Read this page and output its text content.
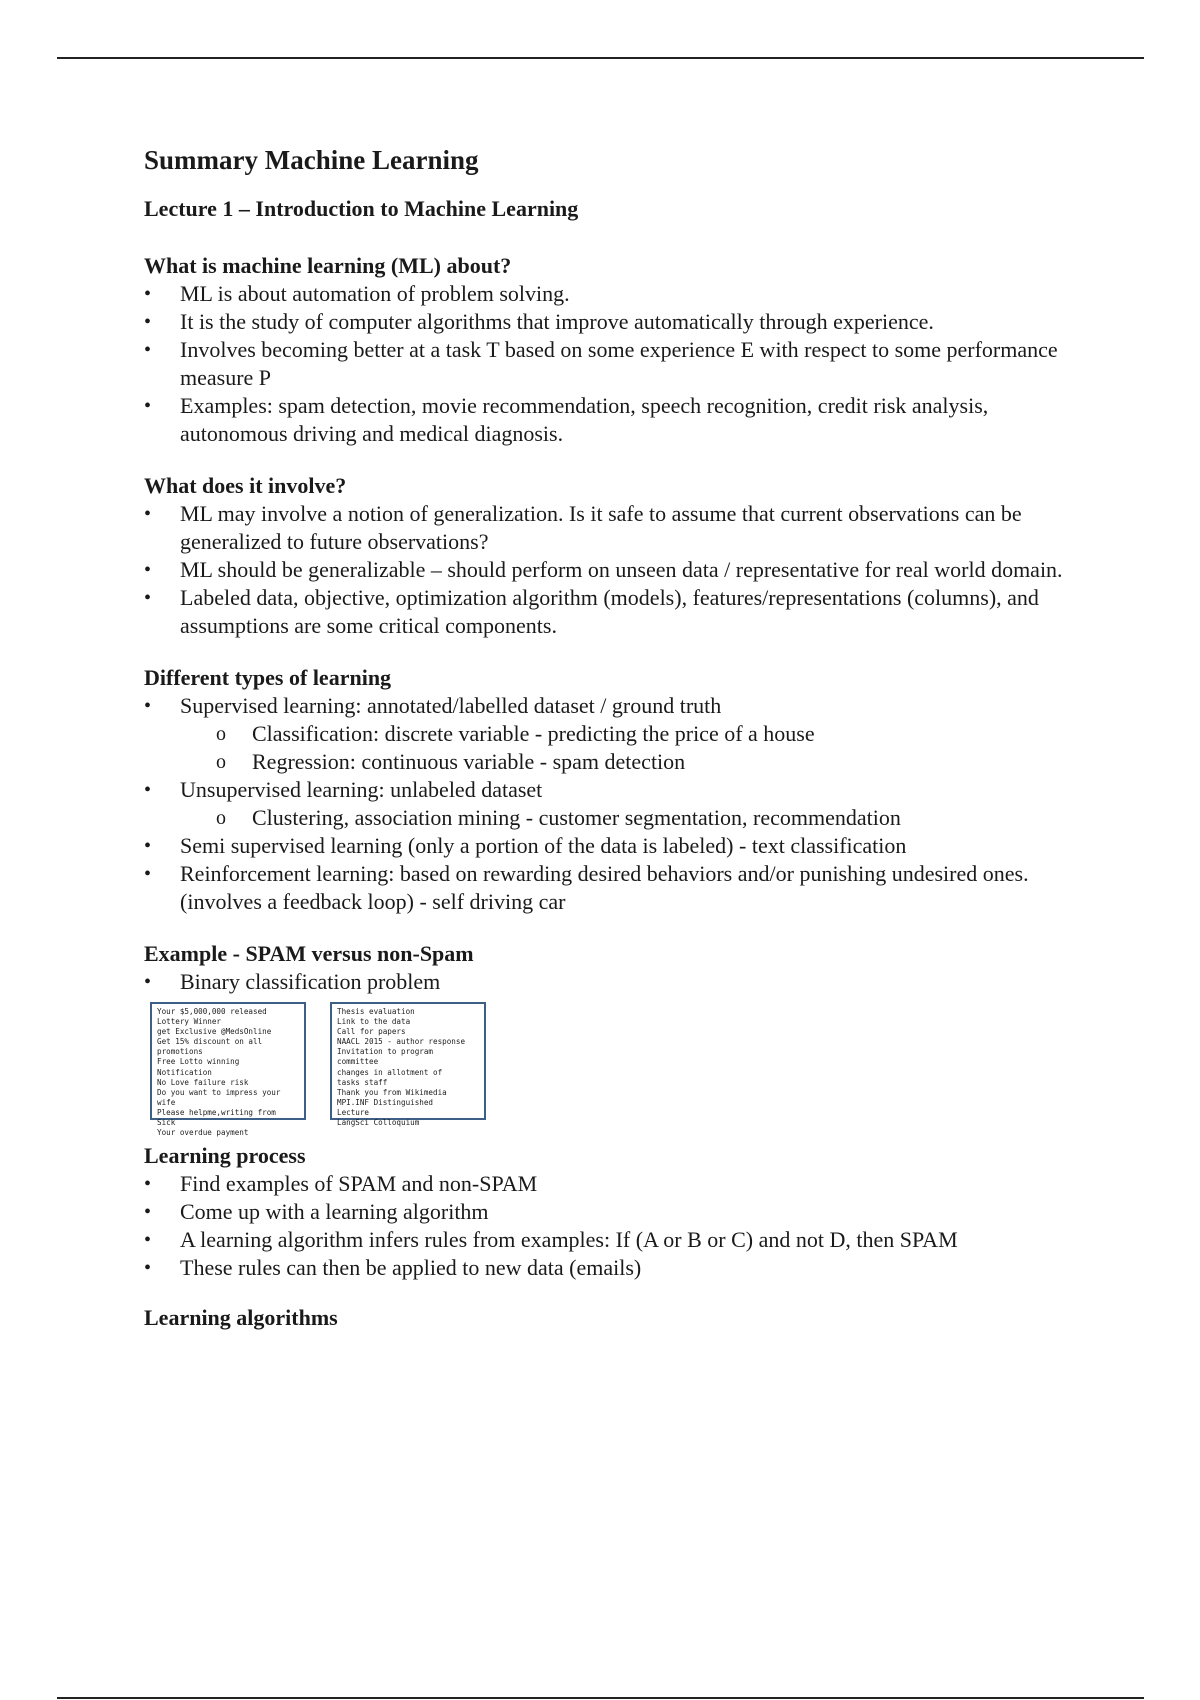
Summary Machine Learning
Lecture 1 – Introduction to Machine Learning
What is machine learning (ML) about?
•	ML is about automation of problem solving.
•	It is the study of computer algorithms that improve automatically through experience.
•	Involves becoming better at a task T based on some experience E with respect to some performance measure P
•	Examples: spam detection, movie recommendation, speech recognition, credit risk analysis, autonomous driving and medical diagnosis.
What does it involve?
•	ML may involve a notion of generalization. Is it safe to assume that current observations can be generalized to future observations?
•	ML should be generalizable – should perform on unseen data / representative for real world domain.
•	Labeled data, objective, optimization algorithm (models), features/representations (columns), and assumptions are some critical components.
Different types of learning
•	Supervised learning: annotated/labelled dataset / ground truth
o Classification: discrete variable - predicting the price of a house
o Regression: continuous variable - spam detection
•	Unsupervised learning: unlabeled dataset
o Clustering, association mining - customer segmentation, recommendation
•	Semi supervised learning (only a portion of the data is labeled) - text classification
•	Reinforcement learning: based on rewarding desired behaviors and/or punishing undesired ones. (involves a feedback loop) - self driving car
Example - SPAM versus non-Spam
•	Binary classification problem
Your $5,000,000 released
Lottery Winner
get Exclusive @MedsOnline
Get 15% discount on all
promotions
Free Lotto winning
Notification
No Love failure risk
Do you want to impress your
wife
Please helpme,writing from
Sick
Your overdue payment
Thesis evaluation
Link to the data
Call for papers
NAACL 2015 - author response
Invitation to program
committee
changes in allotment of
tasks staff
Thank you from Wikimedia
MPI.INF Distinguished
Lecture
LangSci Colloquium
Learning process
•	Find examples of SPAM and non-SPAM
•	Come up with a learning algorithm
•	A learning algorithm infers rules from examples: If (A or B or C) and not D, then SPAM
•	These rules can then be applied to new data (emails)
Learning algorithms
